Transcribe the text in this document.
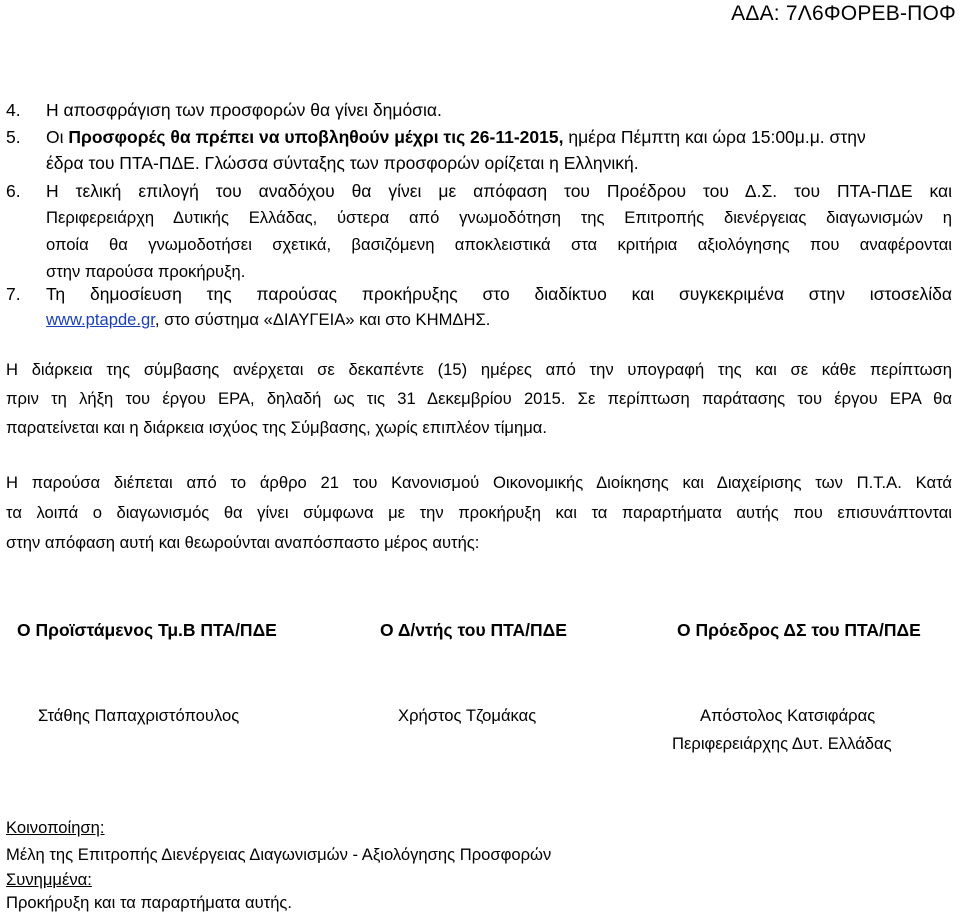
ΑΔΑ: 7Λ6ΦΟΡΕΒ-ΠΟΦ
4. Η αποσφράγιση των προσφορών θα γίνει δημόσια.
5. Οι Προσφορές θα πρέπει να υποβληθούν μέχρι τις 26-11-2015, ημέρα Πέμπτη και ώρα 15:00μ.μ. στην
έδρα του ΠΤΑ-ΠΔΕ. Γλώσσα σύνταξης των προσφορών ορίζεται η Ελληνική.
6. Η τελική επιλογή του αναδόχου θα γίνει με απόφαση του Προέδρου του Δ.Σ. του ΠΤΑ-ΠΔΕ και
Περιφερειάρχη Δυτικής Ελλάδας, ύστερα από γνωμοδότηση της Επιτροπής διενέργειας διαγωνισμών η
οποία θα γνωμοδοτήσει σχετικά, βασιζόμενη αποκλειστικά στα κριτήρια αξιολόγησης που αναφέρονται
στην παρούσα προκήρυξη.
7. Τη δημοσίευση της παρούσας προκήρυξης στο διαδίκτυο και συγκεκριμένα στην ιστοσελίδα
www.ptapde.gr, στο σύστημα «ΔΙΑΥΓΕΙΑ» και στο ΚΗΜΔΗΣ.
Η διάρκεια της σύμβασης ανέρχεται σε δεκαπέντε (15) ημέρες από την υπογραφή της και σε κάθε περίπτωση
πριν τη λήξη του έργου ΕΡΑ, δηλαδή ως τις 31 Δεκεμβρίου 2015. Σε περίπτωση παράτασης του έργου ΕΡΑ θα
παρατείνεται και η διάρκεια ισχύος της Σύμβασης, χωρίς επιπλέον τίμημα.
Η παρούσα διέπεται από το άρθρο 21 του Κανονισμού Οικονομικής Διοίκησης και Διαχείρισης των Π.Τ.Α. Κατά
τα λοιπά ο διαγωνισμός θα γίνει σύμφωνα με την προκήρυξη και τα παραρτήματα αυτής που επισυνάπτονται
στην απόφαση αυτή και θεωρούνται αναπόσπαστο μέρος αυτής:
Ο Προϊστάμενος Τμ.Β ΠΤΑ/ΠΔΕ	Ο Δ/ντής του ΠΤΑ/ΠΔΕ	Ο Πρόεδρος ΔΣ του ΠΤΑ/ΠΔΕ
Στάθης Παπαχριστόπουλος	Χρήστος Τζομάκας	Απόστολος Κατσιφάρας
Περιφερειάρχης Δυτ. Ελλάδας
Κοινοποίηση:
Μέλη της Επιτροπής Διενέργειας Διαγωνισμών - Αξιολόγησης Προσφορών
Συνημμένα:
Προκήρυξη και τα παραρτήματα αυτής.
